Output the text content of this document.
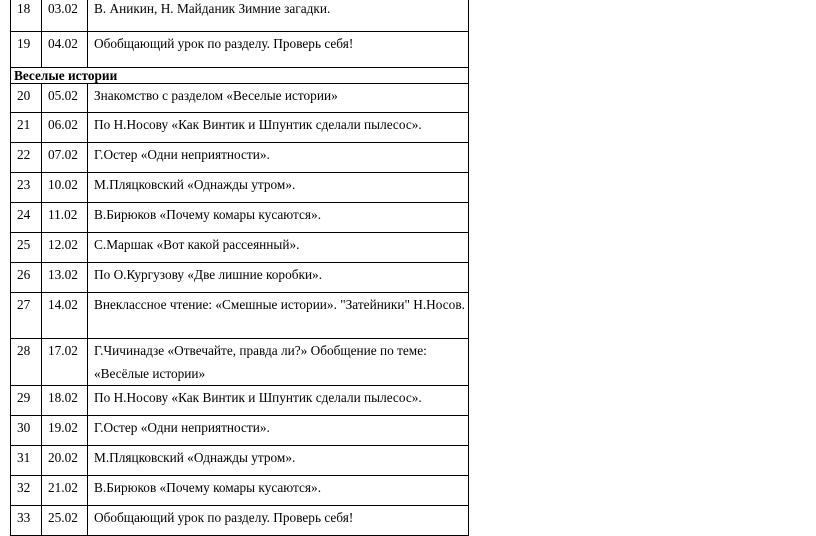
18	03.02	В. Аникин, Н. Майданик Зимние загадки.
19	04.02	Обобщающий урок по разделу. Проверь себя!
Веселые истории		
20	05.02	Знакомство с разделом «Веселые истории»
21	06.02	По Н.Носову «Как Винтик и Шпунтик сделали пылесос».
22	07.02	Г.Остер «Одни неприятности».
23	10.02	М.Пляцковский «Однажды утром».
24	11.02	В.Бирюков «Почему комары кусаются».
25	12.02	С.Маршак «Вот какой рассеянный».
26	13.02	По О.Кургузову «Две лишние коробки».
27	14.02	Внеклассное чтение: «Смешные истории». "Затейники" Н.Носов.
28	17.02	Г.Чичинадзе «Отвечайте, правда ли?» Обобщение по теме: «Весёлые истории»
29	18.02	По Н.Носову «Как Винтик и Шпунтик сделали пылесос».
30	19.02	Г.Остер «Одни неприятности».
31	20.02	М.Пляцковский «Однажды утром».
32	21.02	В.Бирюков «Почему комары кусаются».
33	25.02	Обобщающий урок по разделу. Проверь себя!
